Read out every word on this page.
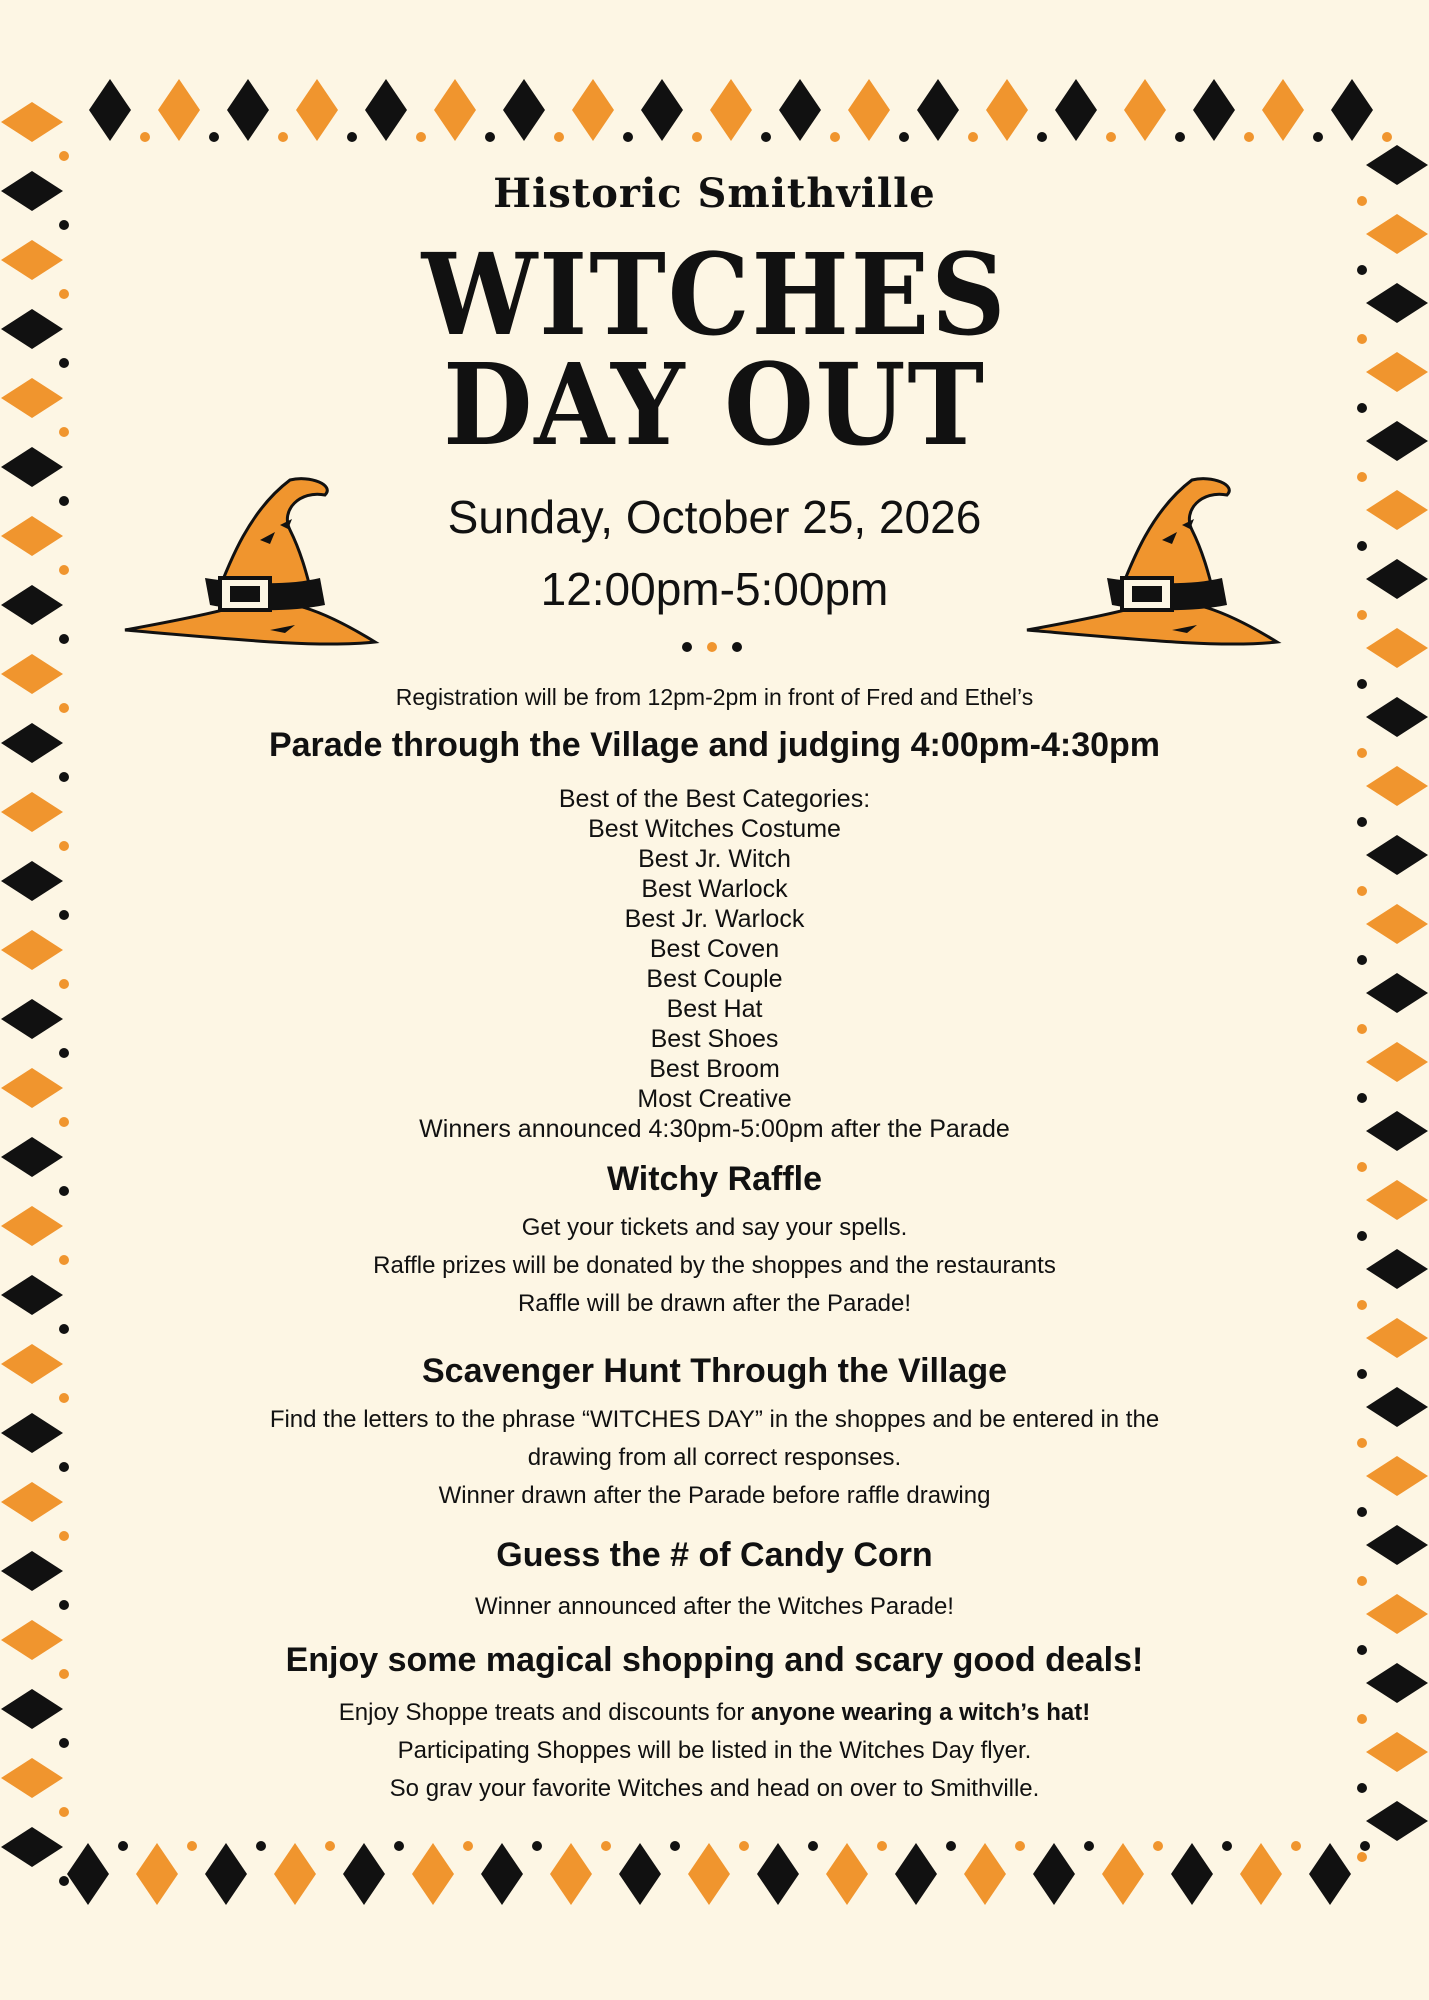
Historic Smithville
WITCHES
DAY OUT
Sunday, October 25, 2026
12:00pm-5:00pm
Registration will be from 12pm-2pm in front of Fred and Ethel’s
Parade through the Village and judging 4:00pm-4:30pm
Best of the Best Categories:
Best Witches Costume
Best Jr. Witch
Best Warlock
Best Jr. Warlock
Best Coven
Best Couple
Best Hat
Best Shoes
Best Broom
Most Creative
Winners announced 4:30pm-5:00pm after the Parade
Witchy Raffle
Get your tickets and say your spells.
Raffle prizes will be donated by the shoppes and the restaurants
Raffle will be drawn after the Parade!
Scavenger Hunt Through the Village
Find the letters to the phrase “WITCHES DAY” in the shoppes and be entered in the
drawing from all correct responses.
Winner drawn after the Parade before raffle drawing
Guess the # of Candy Corn
Winner announced after the Witches Parade!
Enjoy some magical shopping and scary good deals!
Enjoy Shoppe treats and discounts for anyone wearing a witch’s hat!
Participating Shoppes will be listed in the Witches Day flyer.
So grav your favorite Witches and head on over to Smithville.
